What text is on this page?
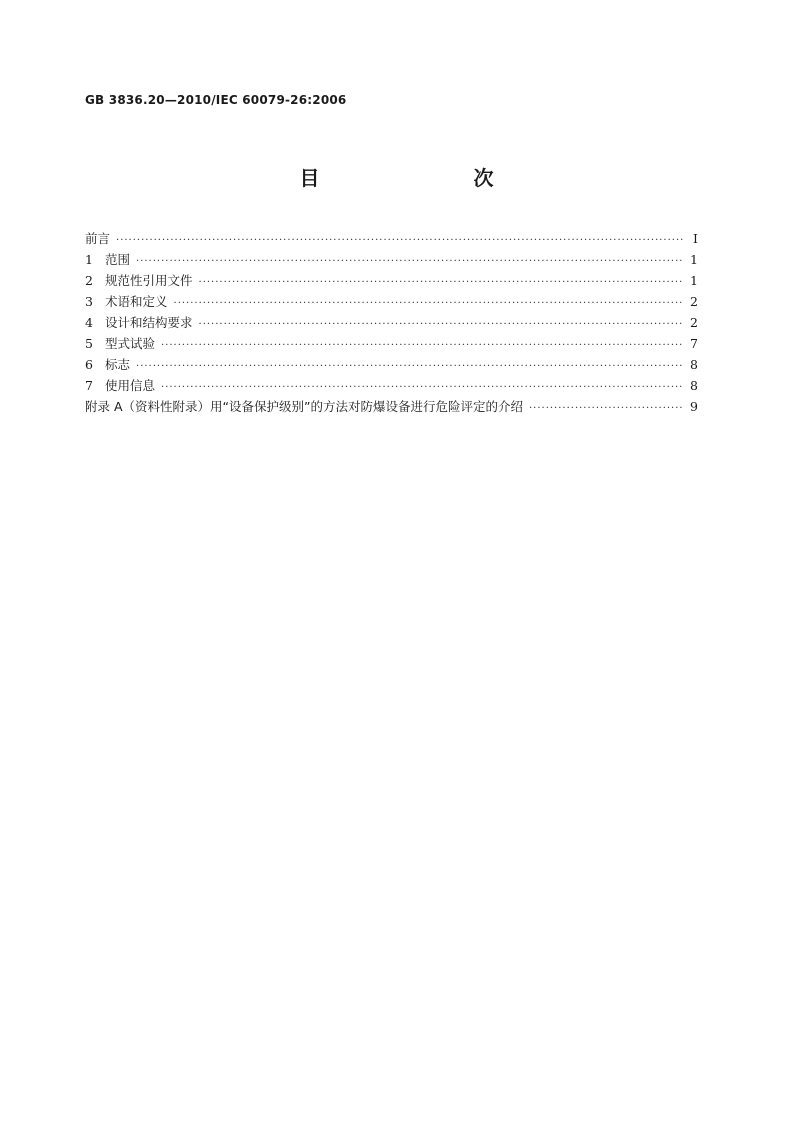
GB 3836.20—2010/IEC 60079-26:2006
目　　次
前言 ·····	Ⅰ
1 范围 ·····	1
2 规范性引用文件 ·····	1
3 术语和定义 ·····	2
4 设计和结构要求 ·····	2
5 型式试验 ·····	7
6 标志 ·····	8
7 使用信息 ·····	8
附录 A（资料性附录）用“设备保护级别”的方法对防爆设备进行危险评定的介绍 ·····	9
